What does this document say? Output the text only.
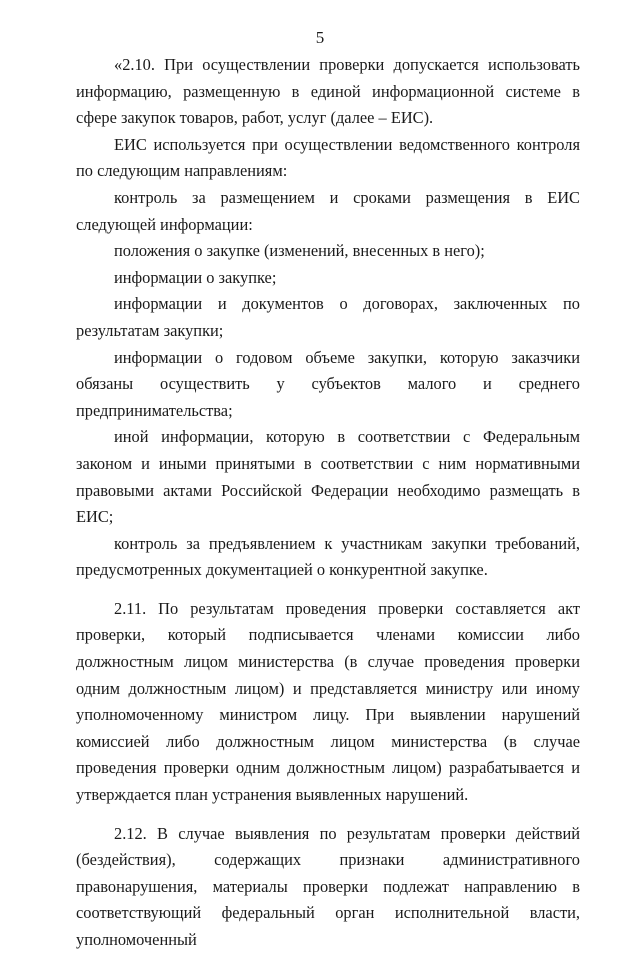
5

«2.10. При осуществлении проверки допускается использовать информацию, размещенную в единой информационной системе в сфере закупок товаров, работ, услуг (далее – ЕИС).

ЕИС используется при осуществлении ведомственного контроля по следующим направлениям:

контроль за размещением и сроками размещения в ЕИС следующей информации:

положения о закупке (изменений, внесенных в него);

информации о закупке;

информации и документов о договорах, заключенных по результатам закупки;

информации о годовом объеме закупки, которую заказчики обязаны осуществить у субъектов малого и среднего предпринимательства;

иной информации, которую в соответствии с Федеральным законом и иными принятыми в соответствии с ним нормативными правовыми актами Российской Федерации необходимо размещать в ЕИС;

контроль за предъявлением к участникам закупки требований, предусмотренных документацией о конкурентной закупке.

2.11. По результатам проведения проверки составляется акт проверки, который подписывается членами комиссии либо должностным лицом министерства (в случае проведения проверки одним должностным лицом) и представляется министру или иному уполномоченному министром лицу. При выявлении нарушений комиссией либо должностным лицом министерства (в случае проведения проверки одним должностным лицом) разрабатывается и утверждается план устранения выявленных нарушений.

2.12. В случае выявления по результатам проверки действий (бездействия), содержащих признаки административного правонарушения, материалы проверки подлежат направлению в соответствующий федеральный орган исполнительной власти, уполномоченный
